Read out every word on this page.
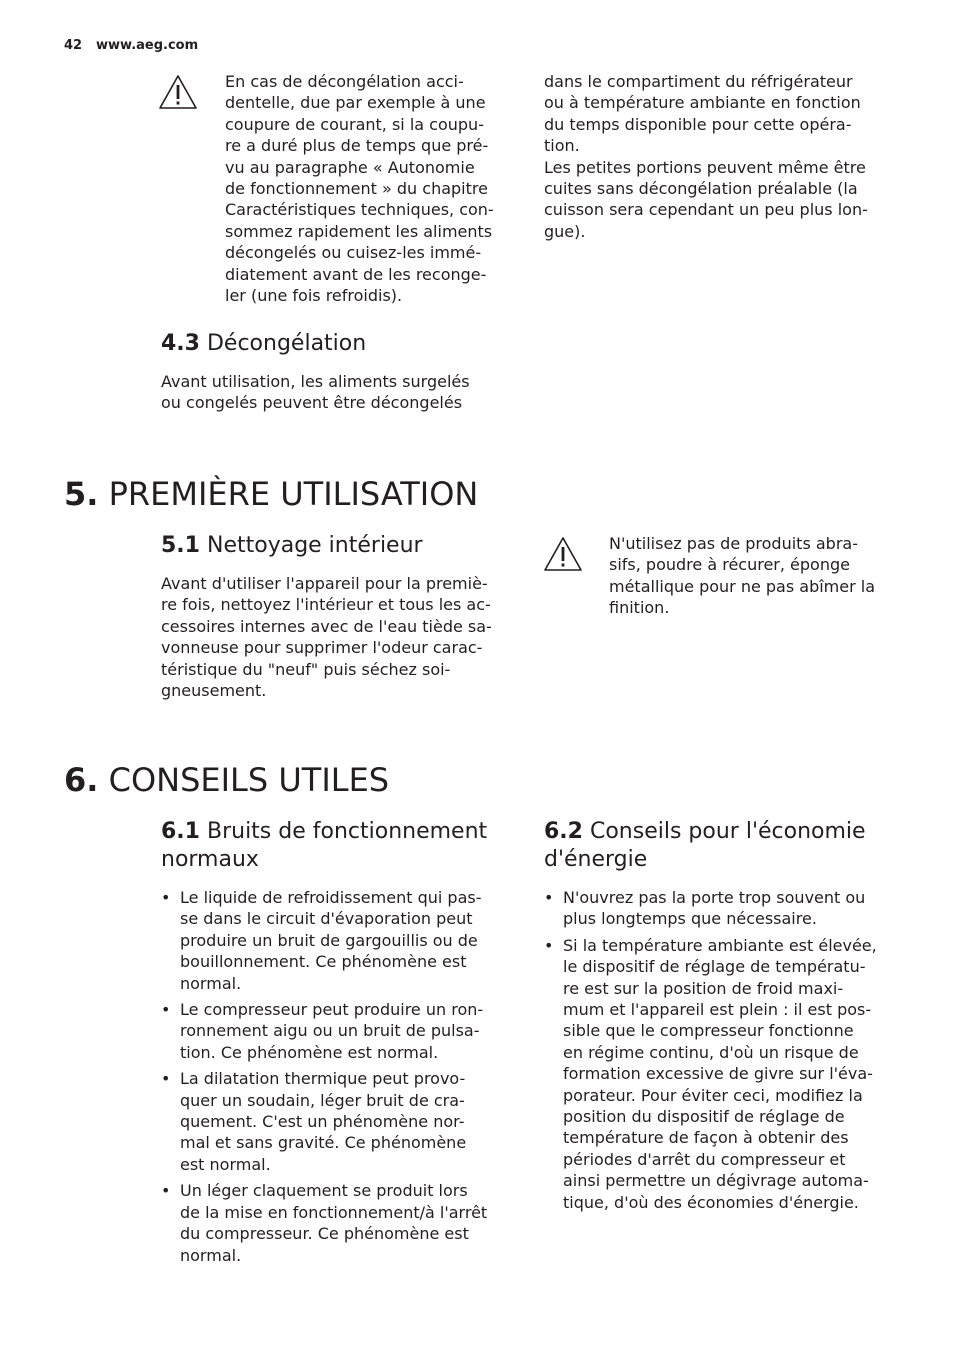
42 www.aeg.com
En cas de décongélation acci-
dentelle, due par exemple à une
coupure de courant, si la coupu-
re a duré plus de temps que pré-
vu au paragraphe « Autonomie
de fonctionnement » du chapitre
Caractéristiques techniques, con-
sommez rapidement les aliments
décongelés ou cuisez-les immé-
diatement avant de les reconge-
ler (une fois refroidis).
4.3 Décongélation
Avant utilisation, les aliments surgelés
ou congelés peuvent être décongelés
dans le compartiment du réfrigérateur
ou à température ambiante en fonction
du temps disponible pour cette opéra-
tion.
Les petites portions peuvent même être
cuites sans décongélation préalable (la
cuisson sera cependant un peu plus lon-
gue).
5. PREMIÈRE UTILISATION
5.1 Nettoyage intérieur
Avant d'utiliser l'appareil pour la premiè-
re fois, nettoyez l'intérieur et tous les ac-
cessoires internes avec de l'eau tiède sa-
vonneuse pour supprimer l'odeur carac-
téristique du "neuf" puis séchez soi-
gneusement.
N'utilisez pas de produits abra-
sifs, poudre à récurer, éponge
métallique pour ne pas abîmer la
finition.
6. CONSEILS UTILES
6.1 Bruits de fonctionnement
normaux
• Le liquide de refroidissement qui pas-
se dans le circuit d'évaporation peut
produire un bruit de gargouillis ou de
bouillonnement. Ce phénomène est
normal.
• Le compresseur peut produire un ron-
ronnement aigu ou un bruit de pulsa-
tion. Ce phénomène est normal.
• La dilatation thermique peut provo-
quer un soudain, léger bruit de cra-
quement. C'est un phénomène nor-
mal et sans gravité. Ce phénomène
est normal.
• Un léger claquement se produit lors
de la mise en fonctionnement/à l'arrêt
du compresseur. Ce phénomène est
normal.
6.2 Conseils pour l'économie
d'énergie
• N'ouvrez pas la porte trop souvent ou
plus longtemps que nécessaire.
• Si la température ambiante est élevée,
le dispositif de réglage de températu-
re est sur la position de froid maxi-
mum et l'appareil est plein : il est pos-
sible que le compresseur fonctionne
en régime continu, d'où un risque de
formation excessive de givre sur l'éva-
porateur. Pour éviter ceci, modifiez la
position du dispositif de réglage de
température de façon à obtenir des
périodes d'arrêt du compresseur et
ainsi permettre un dégivrage automa-
tique, d'où des économies d'énergie.
